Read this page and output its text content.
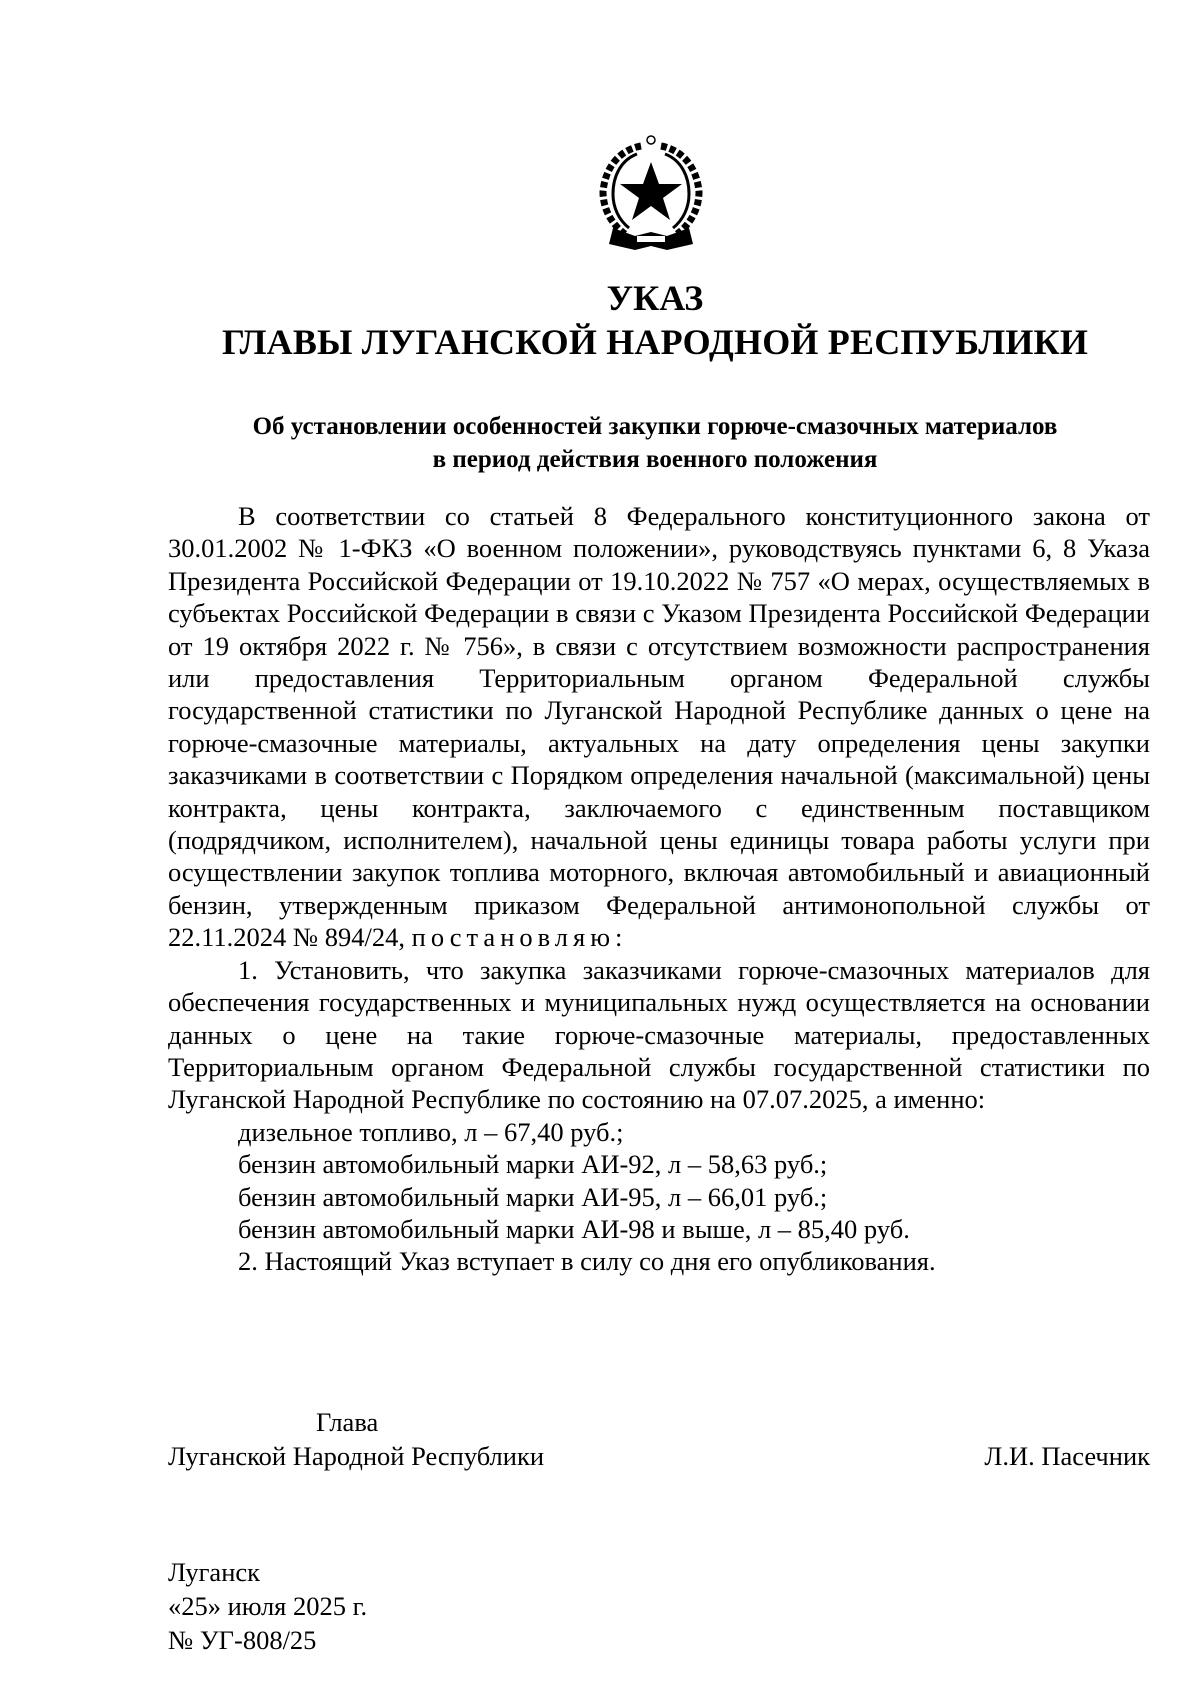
УКАЗ
ГЛАВЫ ЛУГАНСКОЙ НАРОДНОЙ РЕСПУБЛИКИ
Об установлении особенностей закупки горюче-смазочных материалов
в период действия военного положения

В соответствии со статьей 8 Федерального конституционного закона от 30.01.2002 № 1-ФКЗ «О военном положении», руководствуясь пунктами 6, 8 Указа Президента Российской Федерации от 19.10.2022 № 757 «О мерах, осуществляемых в субъектах Российской Федерации в связи с Указом Президента Российской Федерации от 19 октября 2022 г. № 756», в связи с отсутствием возможности распространения или предоставления Территориальным органом Федеральной службы государственной статистики по Луганской Народной Республике данных о цене на горюче-смазочные материалы, актуальных на дату определения цены закупки заказчиками в соответствии с Порядком определения начальной (максимальной) цены контракта, цены контракта, заключаемого с единственным поставщиком (подрядчиком, исполнителем), начальной цены единицы товара работы услуги при осуществлении закупок топлива моторного, включая автомобильный и авиационный бензин, утвержденным приказом Федеральной антимонопольной службы от 22.11.2024 № 894/24, постановляю:

1. Установить, что закупка заказчиками горюче-смазочных материалов для обеспечения государственных и муниципальных нужд осуществляется на основании данных о цене на такие горюче-смазочные материалы, предоставленных Территориальным органом Федеральной службы государственной статистики по Луганской Народной Республике по состоянию на 07.07.2025, а именно:

дизельное топливо, л – 67,40 руб.;

бензин автомобильный марки АИ-92, л – 58,63 руб.;

бензин автомобильный марки АИ-95, л – 66,01 руб.;

бензин автомобильный марки АИ-98 и выше, л – 85,40 руб.

2. Настоящий Указ вступает в силу со дня его опубликования.

Глава
Луганской Народной Республики	Л.И. Пасечник
Луганск
«25» июля 2025 г.
№ УГ-808/25
